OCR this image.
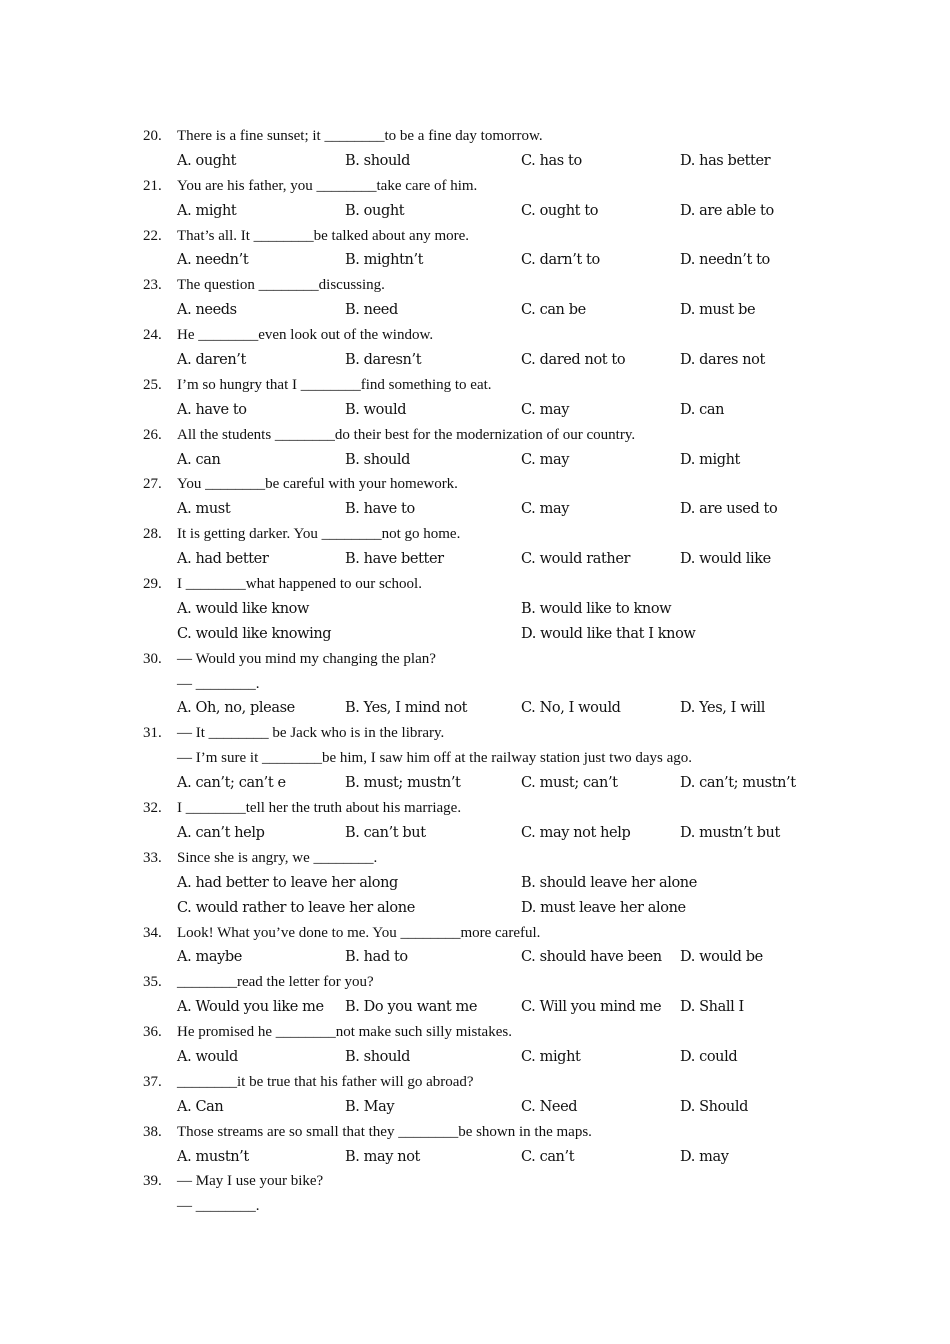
20. There is a fine sunset; it ________to be a fine day tomorrow.
A. ought	B. should	C. has to	D. has better
21. You are his father, you ________take care of him.
A. might	B. ought	C. ought to	D. are able to
22. That’s all. It ________be talked about any more.
A. needn’t	B. mightn’t	C. darn’t to	D. needn’t to
23. The question ________discussing.
A. needs	B. need	C. can be	D. must be
24. He ________even look out of the window.
A. daren’t	B. daresn’t	C. dared not to	D. dares not
25. I’m so hungry that I ________find something to eat.
A. have to	B. would	C. may	D. can
26. All the students ________do their best for the modernization of our country.
A. can	B. should	C. may	D. might
27. You ________be careful with your homework.
A. must	B. have to	C. may	D. are used to
28. It is getting darker. You ________not go home.
A. had better	B. have better	C. would rather	D. would like
29. I ________what happened to our school.
A. would like know	B. would like to know
C. would like knowing	D. would like that I know
30. — Would you mind my changing the plan?
— ________.
A. Oh, no, please	B. Yes, I mind not	C. No, I would	D. Yes, I will
31. — It ________ be Jack who is in the library.
— I’m sure it ________be him, I saw him off at the railway station just two days ago.
A. can’t; can’t e	B. must; mustn’t	C. must; can’t	D. can’t; mustn’t
32. I ________tell her the truth about his marriage.
A. can’t help	B. can’t but	C. may not help	D. mustn’t but
33. Since she is angry, we ________.
A. had better to leave her along	B. should leave her alone
C. would rather to leave her alone	D. must leave her alone
34. Look! What you’ve done to me. You ________more careful.
A. maybe	B. had to	C. should have been D. would be
35. ________read the letter for you?
A. Would you like me B. Do you want me	C. Will you mind me D. Shall I
36. He promised he ________not make such silly mistakes.
A. would	B. should	C. might	D. could
37. ________it be true that his father will go abroad?
A. Can	B. May	C. Need	D. Should
38. Those streams are so small that they ________be shown in the maps.
A. mustn’t	B. may not	C. can’t	D. may
39. — May I use your bike?
— ________.
